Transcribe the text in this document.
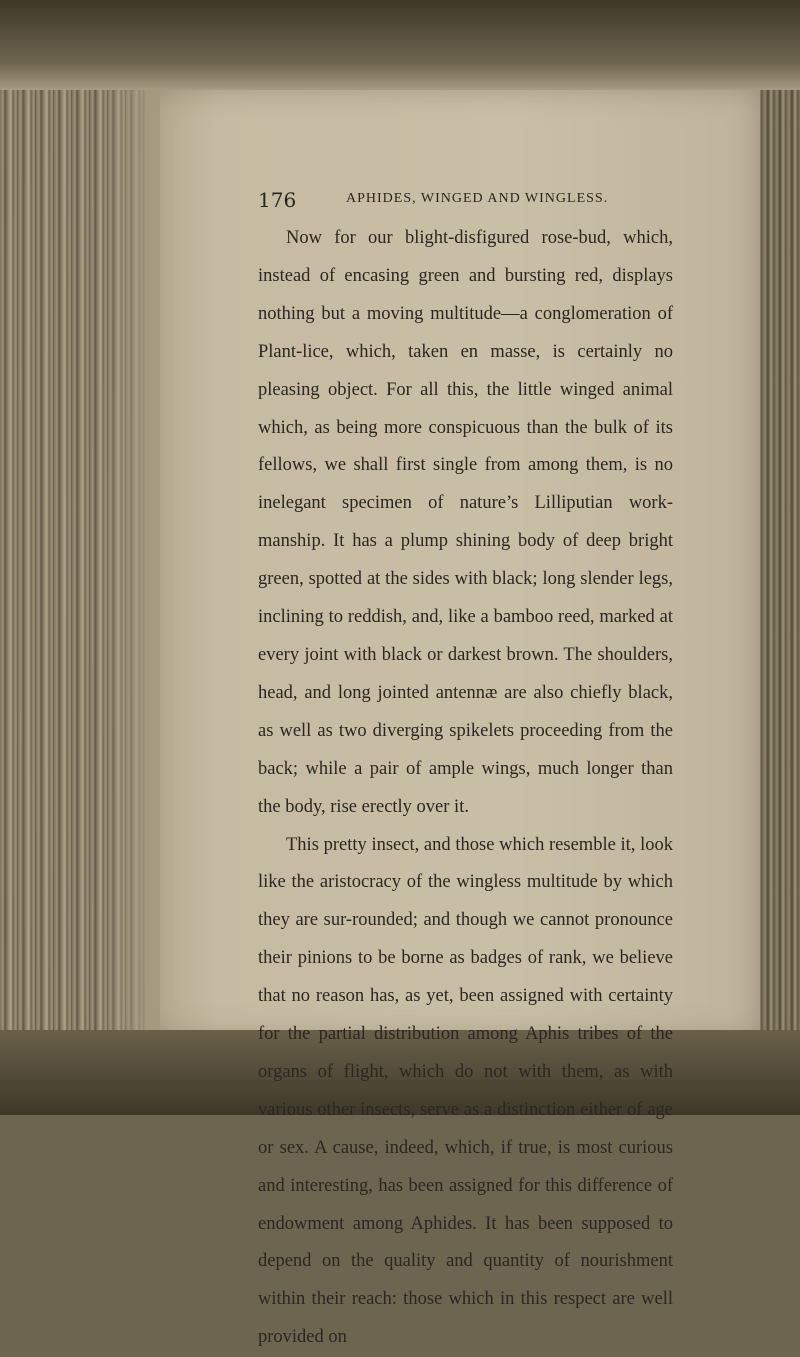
176	APHIDES, WINGED AND WINGLESS.

Now for our blight-disfigured rose-bud, which, instead of encasing green and bursting red, displays nothing but a moving multitude—a conglomeration of Plant-lice, which, taken en masse, is certainly no pleasing object. For all this, the little winged animal which, as being more conspicuous than the bulk of its fellows, we shall first single from among them, is no inelegant specimen of nature’s Lilliputian work-manship. It has a plump shining body of deep bright green, spotted at the sides with black; long slender legs, inclining to reddish, and, like a bamboo reed, marked at every joint with black or darkest brown. The shoulders, head, and long jointed antennæ are also chiefly black, as well as two diverging spikelets proceeding from the back; while a pair of ample wings, much longer than the body, rise erectly over it.

This pretty insect, and those which resemble it, look like the aristocracy of the wingless multitude by which they are sur-rounded; and though we cannot pronounce their pinions to be borne as badges of rank, we believe that no reason has, as yet, been assigned with certainty for the partial distribution among Aphis tribes of the organs of flight, which do not with them, as with various other insects, serve as a distinction either of age or sex. A cause, indeed, which, if true, is most curious and interesting, has been assigned for this difference of endowment among Aphides. It has been supposed to depend on the quality and quantity of nourishment within their reach: those which in this respect are well provided on
